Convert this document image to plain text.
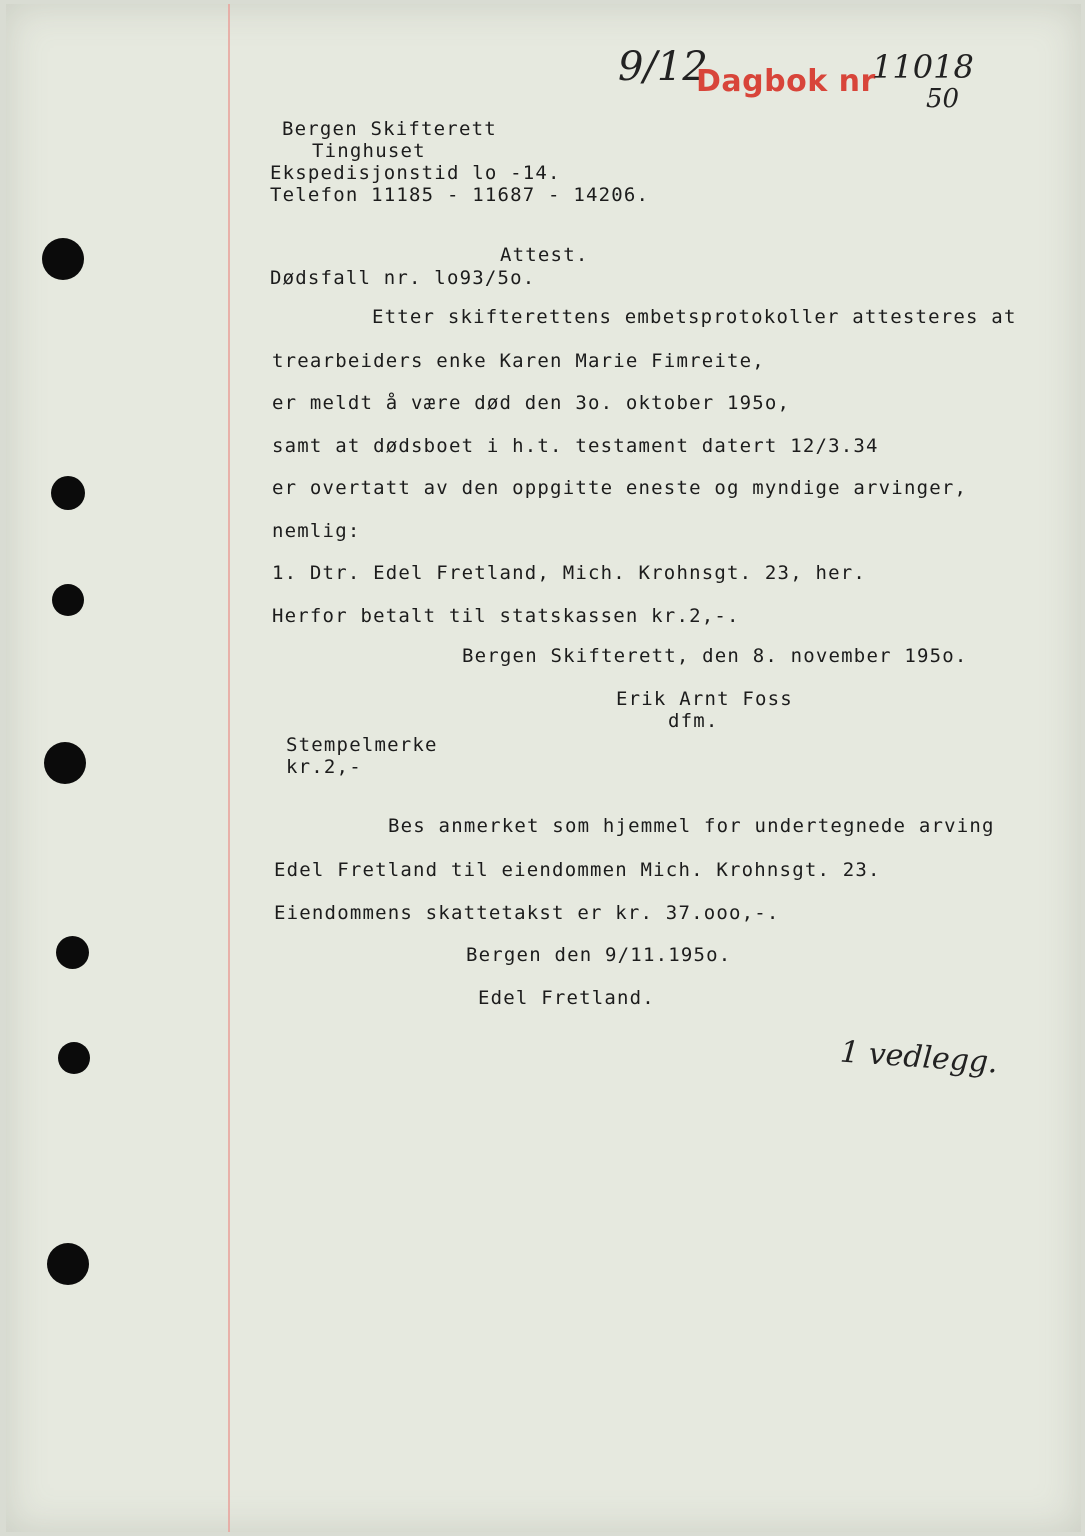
9/12
Dagbok nr
11018
50
Bergen Skifterett
Tinghuset
Ekspedisjonstid lo -14.
Telefon 11185 - 11687 - 14206.
Attest.
Dødsfall nr. lo93/5o.
Etter skifterettens embetsprotokoller attesteres at
trearbeiders enke Karen Marie Fimreite,
er meldt å være død den 3o. oktober 195o,
samt at dødsboet i h.t. testament datert 12/3.34
er overtatt av den oppgitte eneste og myndige arvinger,
nemlig:
1. Dtr. Edel Fretland, Mich. Krohnsgt. 23, her.
Herfor betalt til statskassen kr.2,-.
Bergen Skifterett, den 8. november 195o.
Erik Arnt Foss
dfm.
Stempelmerke
kr.2,-
Bes anmerket som hjemmel for undertegnede arving
Edel Fretland til eiendommen Mich. Krohnsgt. 23.
Eiendommens skattetakst er kr. 37.ooo,-.
Bergen den 9/11.195o.
Edel Fretland.
1 vedlegg.
